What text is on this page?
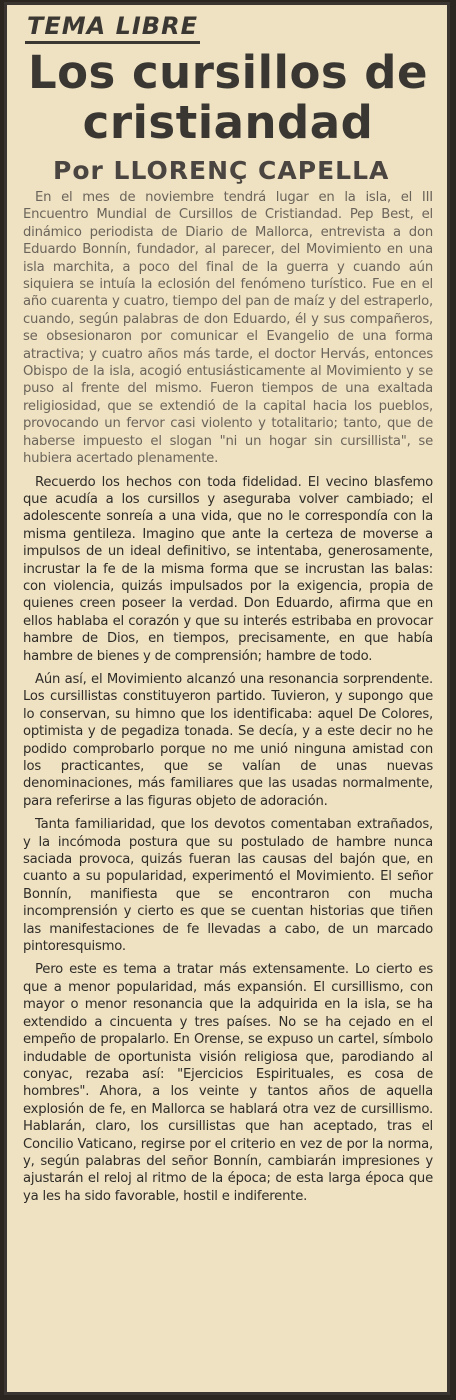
TEMA LIBRE
Los cursillos de cristiandad
Por LLORENÇ CAPELLA

En el mes de noviembre tendrá lugar en la isla, el III Encuentro Mundial de Cursillos de Cristiandad. Pep Best, el dinámico periodista de Diario de Mallorca, entrevista a don Eduardo Bonnín, fundador, al parecer, del Movimiento en una isla marchita, a poco del final de la guerra y cuando aún siquiera se intuía la eclosión del fenómeno turístico. Fue en el año cuarenta y cuatro, tiempo del pan de maíz y del estraperlo, cuando, según palabras de don Eduardo, él y sus compañeros, se obsesionaron por comunicar el Evangelio de una forma atractiva; y cuatro años más tarde, el doctor Hervás, entonces Obispo de la isla, acogió entusiásticamente al Movimiento y se puso al frente del mismo. Fueron tiempos de una exaltada religiosidad, que se extendió de la capital hacia los pueblos, provocando un fervor casi violento y totalitario; tanto, que de haberse impuesto el slogan "ni un hogar sin cursillista", se hubiera acertado plenamente.

Recuerdo los hechos con toda fidelidad. El vecino blasfemo que acudía a los cursillos y aseguraba volver cambiado; el adolescente sonreía a una vida, que no le correspondía con la misma gentileza. Imagino que ante la certeza de moverse a impulsos de un ideal definitivo, se intentaba, generosamente, incrustar la fe de la misma forma que se incrustan las balas: con violencia, quizás impulsados por la exigencia, propia de quienes creen poseer la verdad. Don Eduardo, afirma que en ellos hablaba el corazón y que su interés estribaba en provocar hambre de Dios, en tiempos, precisamente, en que había hambre de bienes y de comprensión; hambre de todo.

Aún así, el Movimiento alcanzó una resonancia sorprendente. Los cursillistas constituyeron partido. Tuvieron, y supongo que lo conservan, su himno que los identificaba: aquel De Colores, optimista y de pegadiza tonada. Se decía, y a este decir no he podido comprobarlo porque no me unió ninguna amistad con los practicantes, que se valían de unas nuevas denominaciones, más familiares que las usadas normalmente, para referirse a las figuras objeto de adoración.

Tanta familiaridad, que los devotos comentaban extrañados, y la incómoda postura que su postulado de hambre nunca saciada provoca, quizás fueran las causas del bajón que, en cuanto a su popularidad, experimentó el Movimiento. El señor Bonnín, manifiesta que se encontraron con mucha incomprensión y cierto es que se cuentan historias que tiñen las manifestaciones de fe llevadas a cabo, de un marcado pintoresquismo.

Pero este es tema a tratar más extensamente. Lo cierto es que a menor popularidad, más expansión. El cursillismo, con mayor o menor resonancia que la adquirida en la isla, se ha extendido a cincuenta y tres países. No se ha cejado en el empeño de propalarlo. En Orense, se expuso un cartel, símbolo indudable de oportunista visión religiosa que, parodiando al conyac, rezaba así: "Ejercicios Espirituales, es cosa de hombres". Ahora, a los veinte y tantos años de aquella explosión de fe, en Mallorca se hablará otra vez de cursillismo. Hablarán, claro, los cursillistas que han aceptado, tras el Concilio Vaticano, regirse por el criterio en vez de por la norma, y, según palabras del señor Bonnín, cambiarán impresiones y ajustarán el reloj al ritmo de la época; de esta larga época que ya les ha sido favorable, hostil e indiferente.
